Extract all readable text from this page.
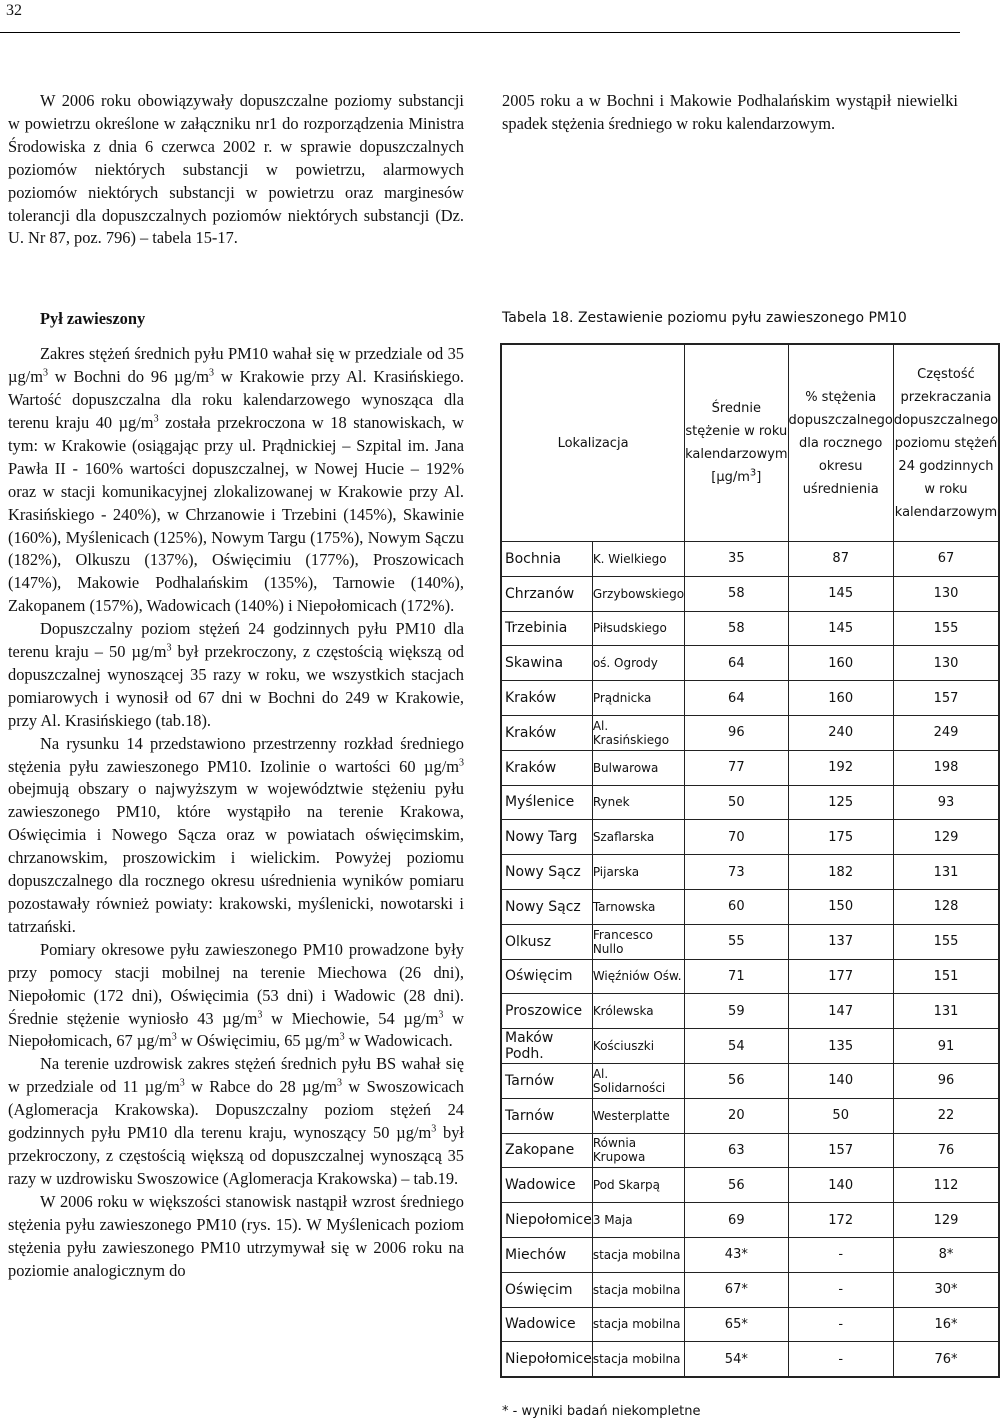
32

W 2006 roku obowiązywały dopuszczalne poziomy substancji w powietrzu określone w załączniku nr1 do rozporządzenia Ministra Środowiska z dnia 6 czerwca 2002 r. w sprawie dopuszczalnych poziomów niektórych substancji w powietrzu, alarmowych poziomów niektórych substancji w powietrzu oraz marginesów tolerancji dla dopuszczalnych poziomów niektórych substancji (Dz. U. Nr 87, poz. 796) – tabela 15-17.

Pył zawieszony

Zakres stężeń średnich pyłu PM10 wahał się w przedziale od 35 $\mu g/m^3$ w Bochni do 96 $\mu g/m^3$ w Krakowie przy Al. Krasińskiego. Wartość dopuszczalna dla roku kalendarzowego wynosząca dla terenu kraju 40 $\mu g/m^3$ została przekroczona w 18 stanowiskach, w tym: w Krakowie (osiągając przy ul. Prądnickiej – Szpital im. Jana Pawła II - 160% wartości dopuszczalnej, w Nowej Hucie – 192% oraz w stacji komunikacyjnej zlokalizowanej w Krakowie przy Al. Krasińskiego - 240%), w Chrzanowie i Trzebini (145%), Skawinie (160%), Myślenicach (125%), Nowym Targu (175%), Nowym Sączu (182%), Olkuszu (137%), Oświęcimiu (177%), Proszowicach (147%), Makowie Podhalańskim (135%), Tarnowie (140%), Zakopanem (157%), Wadowicach (140%) i Niepołomicach (172%).

Dopuszczalny poziom stężeń 24 godzinnych pyłu PM10 dla terenu kraju – 50 $\mu g/m^3$ był przekroczony, z częstością większą od dopuszczalnej wynoszącej 35 razy w roku, we wszystkich stacjach pomiarowych i wynosił od 67 dni w Bochni do 249 w Krakowie, przy Al. Krasińskiego (tab.18).

Na rysunku 14 przedstawiono przestrzenny rozkład średniego stężenia pyłu zawieszonego PM10. Izolinie o wartości 60 $\mu g/m^3$ obejmują obszary o najwyższym w województwie stężeniu pyłu zawieszonego PM10, które wystąpiło na terenie Krakowa, Oświęcimia i Nowego Sącza oraz w powiatach oświęcimskim, chrzanowskim, proszowickim i wielickim. Powyżej poziomu dopuszczalnego dla rocznego okresu uśrednienia wyników pomiaru pozostawały również powiaty: krakowski, myślenicki, nowotarski i tatrzański.

Pomiary okresowe pyłu zawieszonego PM10 prowadzone były przy pomocy stacji mobilnej na terenie Miechowa (26 dni), Niepołomic (172 dni), Oświęcimia (53 dni) i Wadowic (28 dni). Średnie stężenie wyniosło 43 $\mu g/m^3$ w Miechowie, 54 $\mu g/m^3$ w Niepołomicach, 67 $\mu g/m^3$ w Oświęcimiu, 65 $\mu g/m^3$ w Wadowicach.

Na terenie uzdrowisk zakres stężeń średnich pyłu BS wahał się w przedziale od 11 $\mu g/m^3$ w Rabce do 28 $\mu g/m^3$ w Swoszowicach (Aglomeracja Krakowska). Dopuszczalny poziom stężeń 24 godzinnych pyłu PM10 dla terenu kraju, wynoszący 50 $\mu g/m^3$ był przekroczony, z częstością większą od dopuszczalnej wynoszącą 35 razy w uzdrowisku Swoszowice (Aglomeracja Krakowska) – tab.19.

W 2006 roku w większości stanowisk nastąpił wzrost średniego stężenia pyłu zawieszonego PM10 (rys. 15). W Myślenicach poziom stężenia pyłu zawieszonego PM10 utrzymywał się w 2006 roku na poziomie analogicznym do

2005 roku a w Bochni i Makowie Podhalańskim wystąpił niewielki spadek stężenia średniego w roku kalendarzowym.

Tabela 18. Zestawienie poziomu pyłu zawieszonego PM10
Lokalizacja		Średnie stężenie w roku kalendarzowym $[\mu g/m^3]$	% stężenia dopuszczalnego dla rocznego okresu uśrednienia	Częstość przekraczania dopuszczalnego poziomu stężeń 24 godzinnych w roku kalendarzowym
Bochnia	K. Wielkiego	35	87	67
Chrzanów	Grzybowskiego	58	145	130
Trzebinia	Piłsudskiego	58	145	155
Skawina	oś. Ogrody	64	160	130
Kraków	Prądnicka	64	160	157
Kraków	Al. Krasińskiego	96	240	249
Kraków	Bulwarowa	77	192	198
Myślenice	Rynek	50	125	93
Nowy Targ	Szaflarska	70	175	129
Nowy Sącz	Pijarska	73	182	131
Nowy Sącz	Tarnowska	60	150	128
Olkusz	Francesco Nullo	55	137	155
Oświęcim	Więźniów Ośw.	71	177	151
Proszowice	Królewska	59	147	131
Maków Podh.	Kościuszki	54	135	91
Tarnów	Al. Solidarności	56	140	96
Tarnów	Westerplatte	20	50	22
Zakopane	Równia Krupowa	63	157	76
Wadowice	Pod Skarpą	56	140	112
Niepołomice	3 Maja	69	172	129
Miechów	stacja mobilna	43*	-	8*
Oświęcim	stacja mobilna	67*	-	30*
Wadowice	stacja mobilna	65*	-	16*
Niepołomice	stacja mobilna	54*	-	76*
* - wyniki badań niekompletne
